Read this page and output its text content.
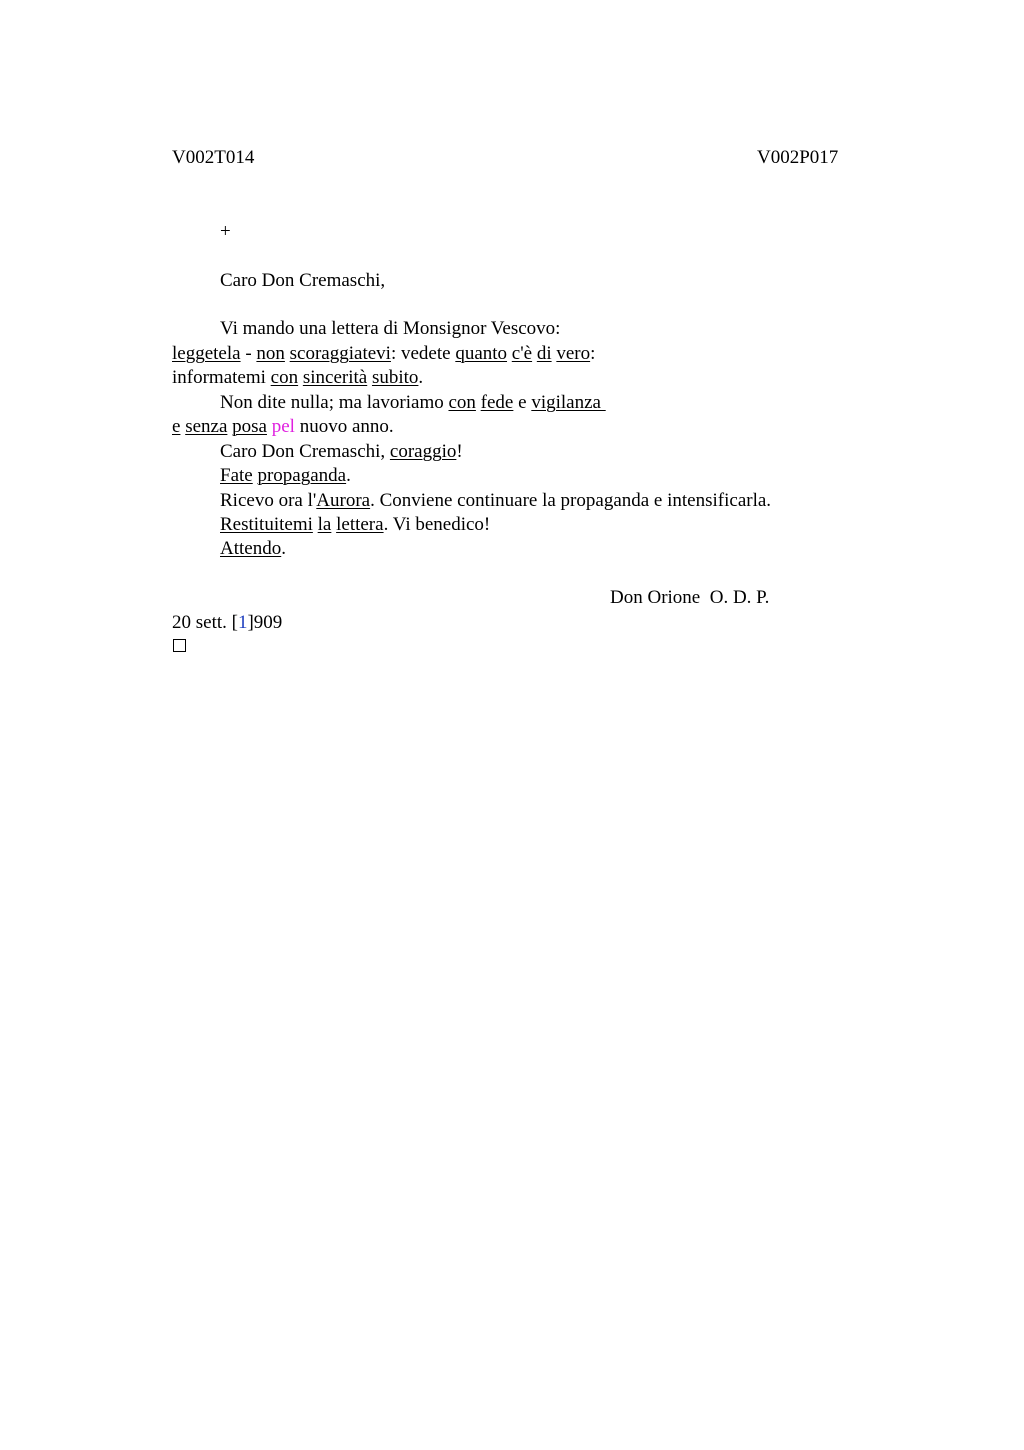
V002T014	V002P017
+
Caro Don Cremaschi,
Vi mando una lettera di Monsignor Vescovo:
leggetela - non scoraggiatevi: vedete quanto c'è di vero:
informatemi con sincerità subito.
Non dite nulla; ma lavoriamo con fede e vigilanza
e senza posa pel nuovo anno.
Caro Don Cremaschi, coraggio!
Fate propaganda.
Ricevo ora l'Aurora. Conviene continuare la propaganda e intensificarla.
Restituitemi la lettera. Vi benedico!
Attendo.
Don Orione  O. D. P.
20 sett. [1]909
